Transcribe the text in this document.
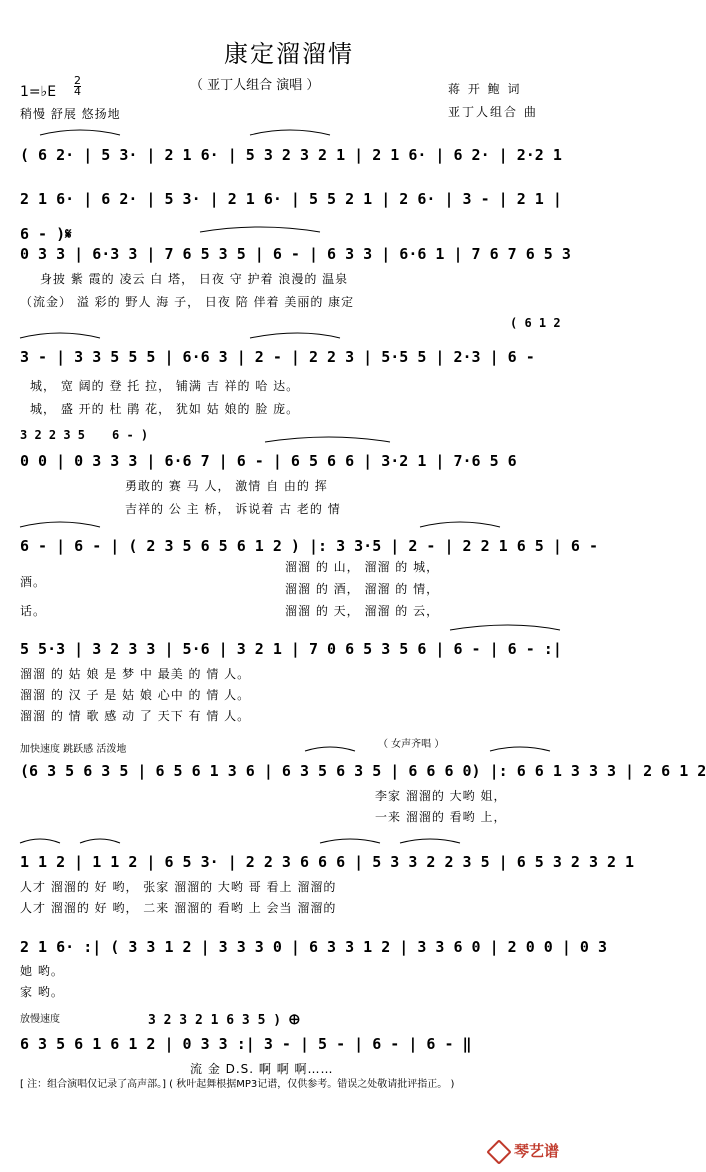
康定溜溜情
（ 亚丁人组合 演唱 ）
1=♭E
2
4
稍慢 舒展 悠扬地
蒋 开 鲍 词
亚丁人组合 曲
( 6 2· | 5 3· | 2 1 6· | 5 3 2 3 2 1 | 2 1 6· | 6 2· | 2·2 1
2 1 6· | 6 2· | 5 3· | 2 1 6· | 5 5 2 1 | 2 6· | 3 - | 2 1 |
6 - )𝄋
0 3 3 | 6·3 3 | 7 6 5 3 5 | 6 - | 6 3 3 | 6·6 1 | 7 6 7 6 5 3
3 - | 3 3 5 5 5 | 6·6 3 | 2 - | 2 2 3 | 5·5 5 | 2·3 | 6 -
0 0 | 0 3 3 3 | 6·6 7 | 6 - | 6 5 6 6 | 3·2 1 | 7·6 5 6
6 - | 6 - | ( 2 3 5 6 5 6 1 2 ) |: 3 3·5 | 2 - | 2 2 1 6 5 | 6 -
5 5·3 | 3 2 3 3 | 5·6 | 3 2 1 | 7 0 6 5 3 5 6 | 6 - | 6 - :|
(6 3 5 6 3 5 | 6 5 6 1 3 6 | 6 3 5 6 3 5 | 6 6 6 0) |: 6 6 1 3 3 3 | 2 6 1 2
1 1 2 | 1 1 2 | 6 5 3· | 2 2 3 6 6 6 | 5 3 3 2 2 3 5 | 6 5 3 2 3 2 1
2 1 6· :| ( 3 3 1 2 | 3 3 3 0 | 6 3 3 1 2 | 3 3 6 0 | 2 0 0 | 0 3
6 3 5 6 1 6 1 2 | 0 3 3 :| 3 - | 5 - | 6 - | 6 - ‖
( 6 1 2
3 2 2 3 5 6 - )
3 2 3 2 1 6 3 5 ) 🜨
身披 紫 霞的 凌云 白 塔， 日夜 守 护着 浪漫的 温泉
（流金） 溢 彩的 野人 海 子， 日夜 陪 伴着 美丽的 康定
城， 宽 阔的 登 托 拉， 铺满 吉 祥的 哈 达。
城， 盛 开的 杜 鹃 花， 犹如 姑 娘的 脸 庞。
勇敢的 赛 马 人， 激情 自 由的 挥
吉祥的 公 主 桥， 诉说着 古 老的 情
酒。
话。
溜溜 的 山， 溜溜 的 城，
溜溜 的 酒， 溜溜 的 情，
溜溜 的 天， 溜溜 的 云，
溜溜 的 姑 娘 是 梦 中 最美 的 情 人。
溜溜 的 汉 子 是 姑 娘 心中 的 情 人。
溜溜 的 情 歌 感 动 了 天下 有 情 人。
李家 溜溜的 大哟 姐，
一来 溜溜的 看哟 上，
人才 溜溜的 好 哟， 张家 溜溜的 大哟 哥 看上 溜溜的
人才 溜溜的 好 哟， 二来 溜溜的 看哟 上 会当 溜溜的
她 哟。
家 哟。
流 金 D.S. 啊 啊 啊……
加快速度 跳跃感 活泼地	（ 女声齐唱 ）
放慢速度
[ 注：组合演唱仅记录了高声部。] ( 秋叶起舞根据MP3记谱，仅供参考。错误之处敬请批评指正。 )
琴艺谱
